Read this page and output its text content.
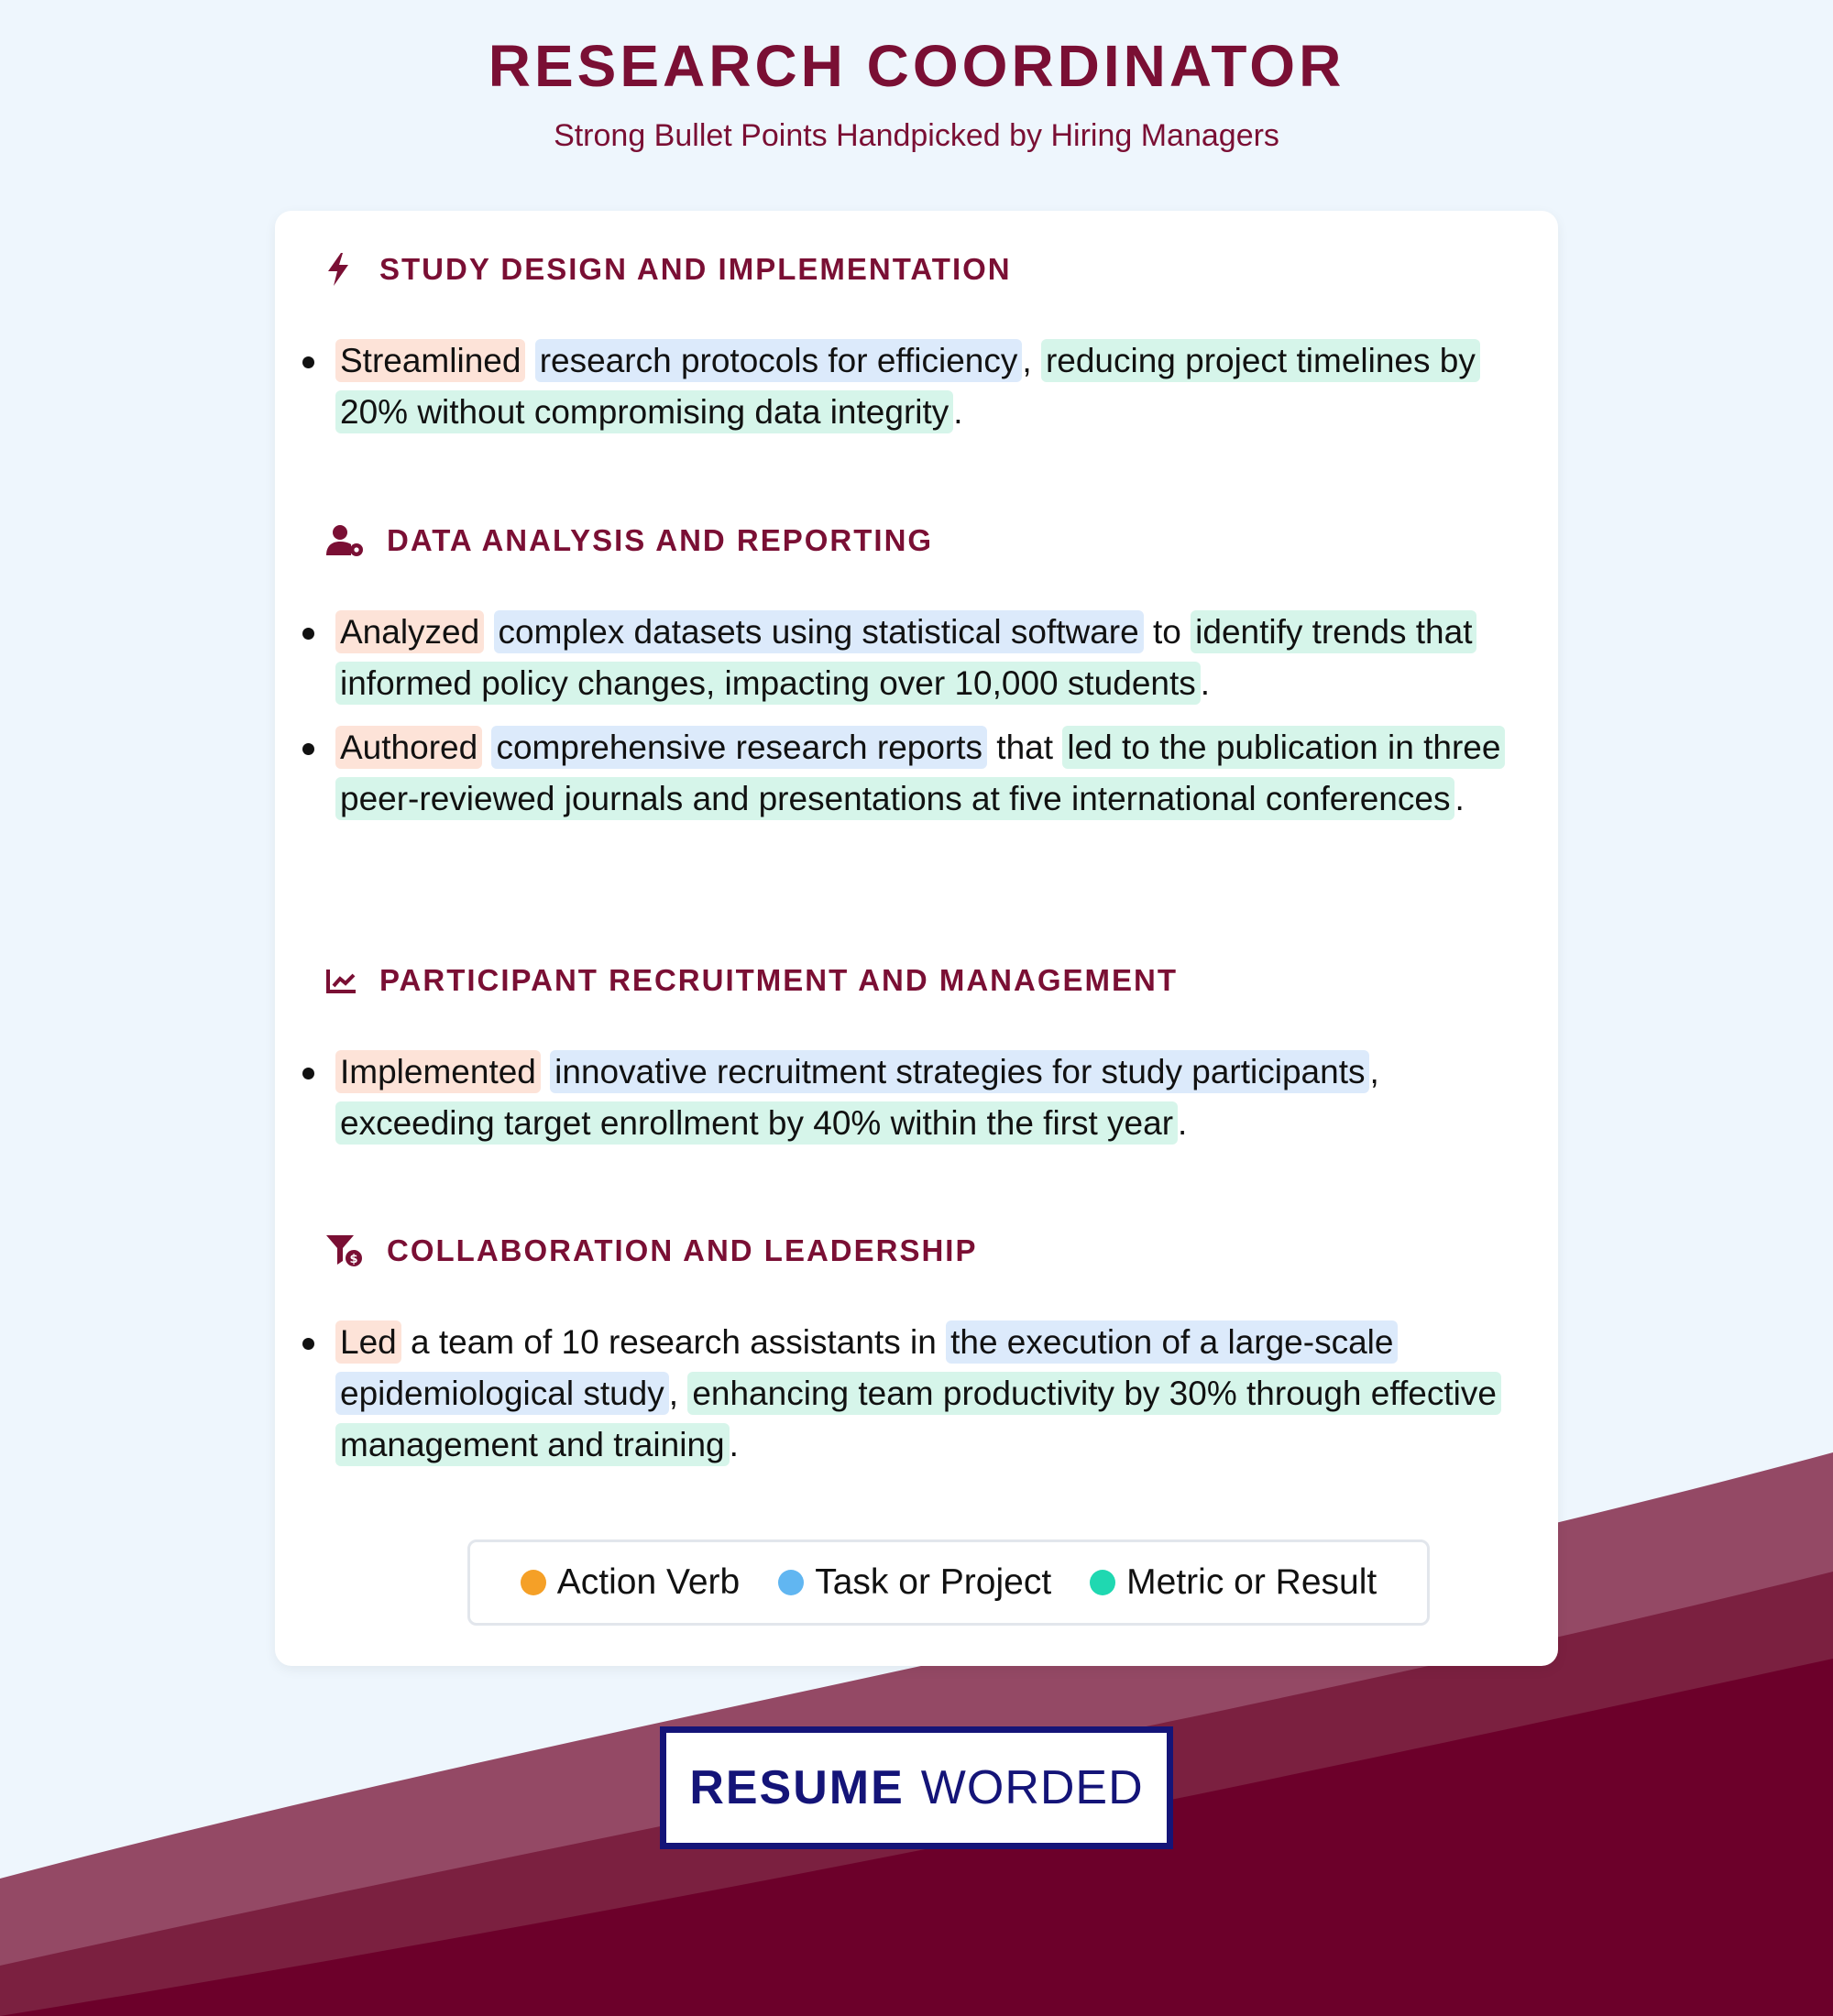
RESEARCH COORDINATOR
Strong Bullet Points Handpicked by Hiring Managers
STUDY DESIGN AND IMPLEMENTATION
Streamlined research protocols for efficiency , reducing project timelines by 20% without compromising data integrity .
DATA ANALYSIS AND REPORTING
Analyzed complex datasets using statistical software to identify trends that informed policy changes, impacting over 10,000 students .
Authored comprehensive research reports that led to the publication in three peer-reviewed journals and presentations at five international conferences .
PARTICIPANT RECRUITMENT AND MANAGEMENT
Implemented innovative recruitment strategies for study participants , exceeding target enrollment by 40% within the first year .
$ COLLABORATION AND LEADERSHIP
Led a team of 10 research assistants in the execution of a large-scale epidemiological study , enhancing team productivity by 30% through effective management and training .
Action Verb Task or Project Metric or Result
RESUME WORDED
